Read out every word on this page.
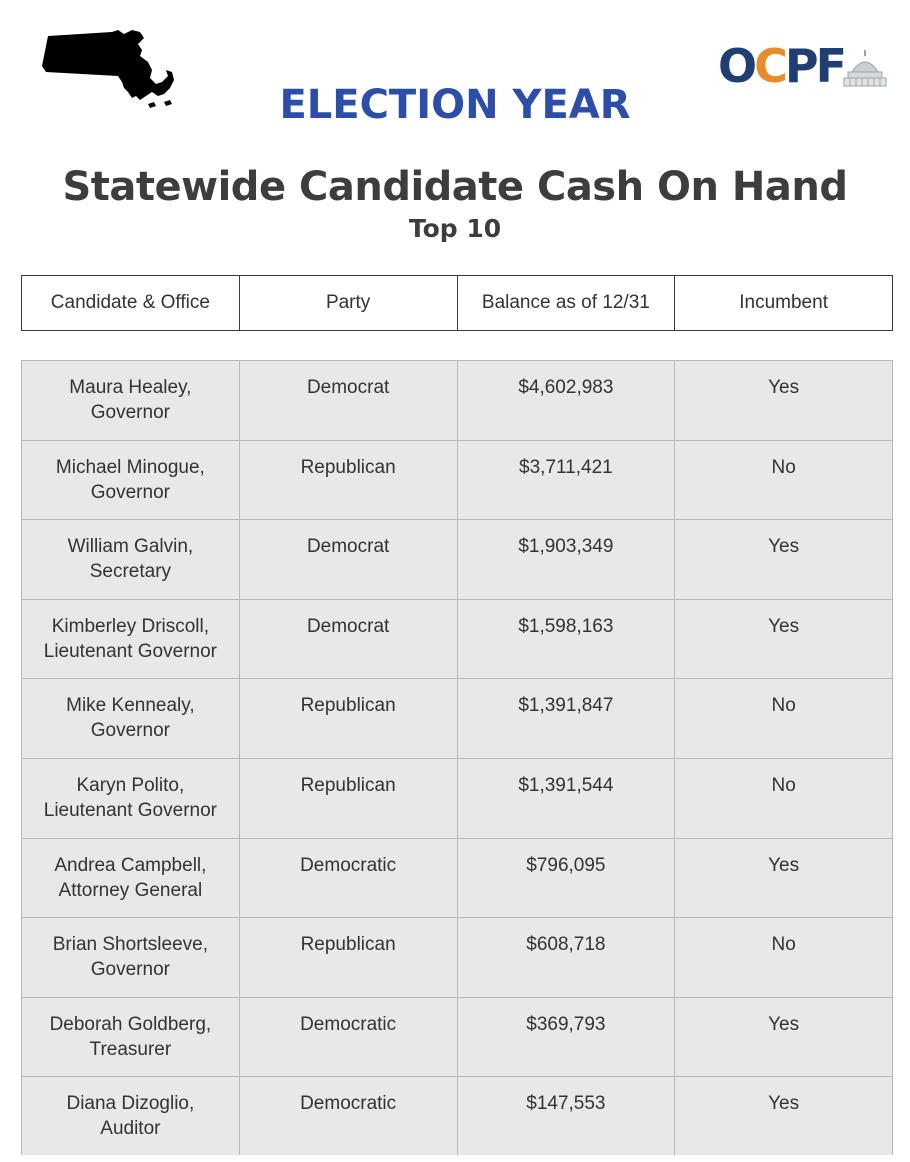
OCPF
ELECTION YEAR
Statewide Candidate Cash On Hand
Top 10
Candidate & Office	Party	Balance as of 12/31	Incumbent
Maura Healey,
Governor
Democrat	$4,602,983	Yes
Michael Minogue,
Governor
Republican	$3,711,421	No
William Galvin,
Secretary
Democrat	$1,903,349	Yes
Kimberley Driscoll,
Lieutenant Governor
Democrat	$1,598,163	Yes
Mike Kennealy,
Governor
Republican	$1,391,847	No
Karyn Polito,
Lieutenant Governor
Republican	$1,391,544	No
Andrea Campbell,
Attorney General
Democratic	$796,095	Yes
Brian Shortsleeve,
Governor
Republican	$608,718	No
Deborah Goldberg,
Treasurer
Democratic	$369,793	Yes
Diana Dizoglio,
Auditor
Democratic	$147,553	Yes
